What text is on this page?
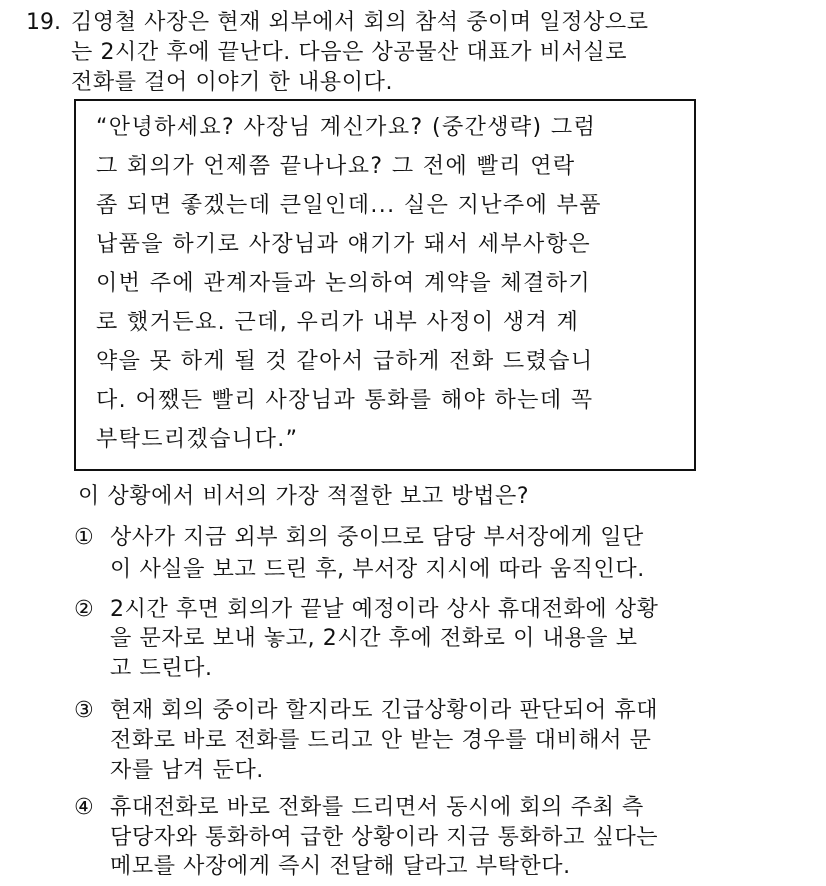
19. 김영철 사장은 현재 외부에서 회의 참석 중이며 일정상으로
는 2시간 후에 끝난다. 다음은 상공물산 대표가 비서실로
전화를 걸어 이야기 한 내용이다.
“안녕하세요? 사장님 계신가요? (중간생략) 그럼
그 회의가 언제쯤 끝나나요? 그 전에 빨리 연락
좀 되면 좋겠는데 큰일인데... 실은 지난주에 부품
납품을 하기로 사장님과 얘기가 돼서 세부사항은
이번 주에 관계자들과 논의하여 계약을 체결하기
로 했거든요. 근데, 우리가 내부 사정이 생겨 계
약을 못 하게 될 것 같아서 급하게 전화 드렸습니
다. 어쨌든 빨리 사장님과 통화를 해야 하는데 꼭
부탁드리겠습니다.”
이 상황에서 비서의 가장 적절한 보고 방법은?
① 상사가 지금 외부 회의 중이므로 담당 부서장에게 일단
이 사실을 보고 드린 후, 부서장 지시에 따라 움직인다.
② 2시간 후면 회의가 끝날 예정이라 상사 휴대전화에 상황
을 문자로 보내 놓고, 2시간 후에 전화로 이 내용을 보
고 드린다.
③ 현재 회의 중이라 할지라도 긴급상황이라 판단되어 휴대
전화로 바로 전화를 드리고 안 받는 경우를 대비해서 문
자를 남겨 둔다.
④ 휴대전화로 바로 전화를 드리면서 동시에 회의 주최 측
담당자와 통화하여 급한 상황이라 지금 통화하고 싶다는
메모를 사장에게 즉시 전달해 달라고 부탁한다.
